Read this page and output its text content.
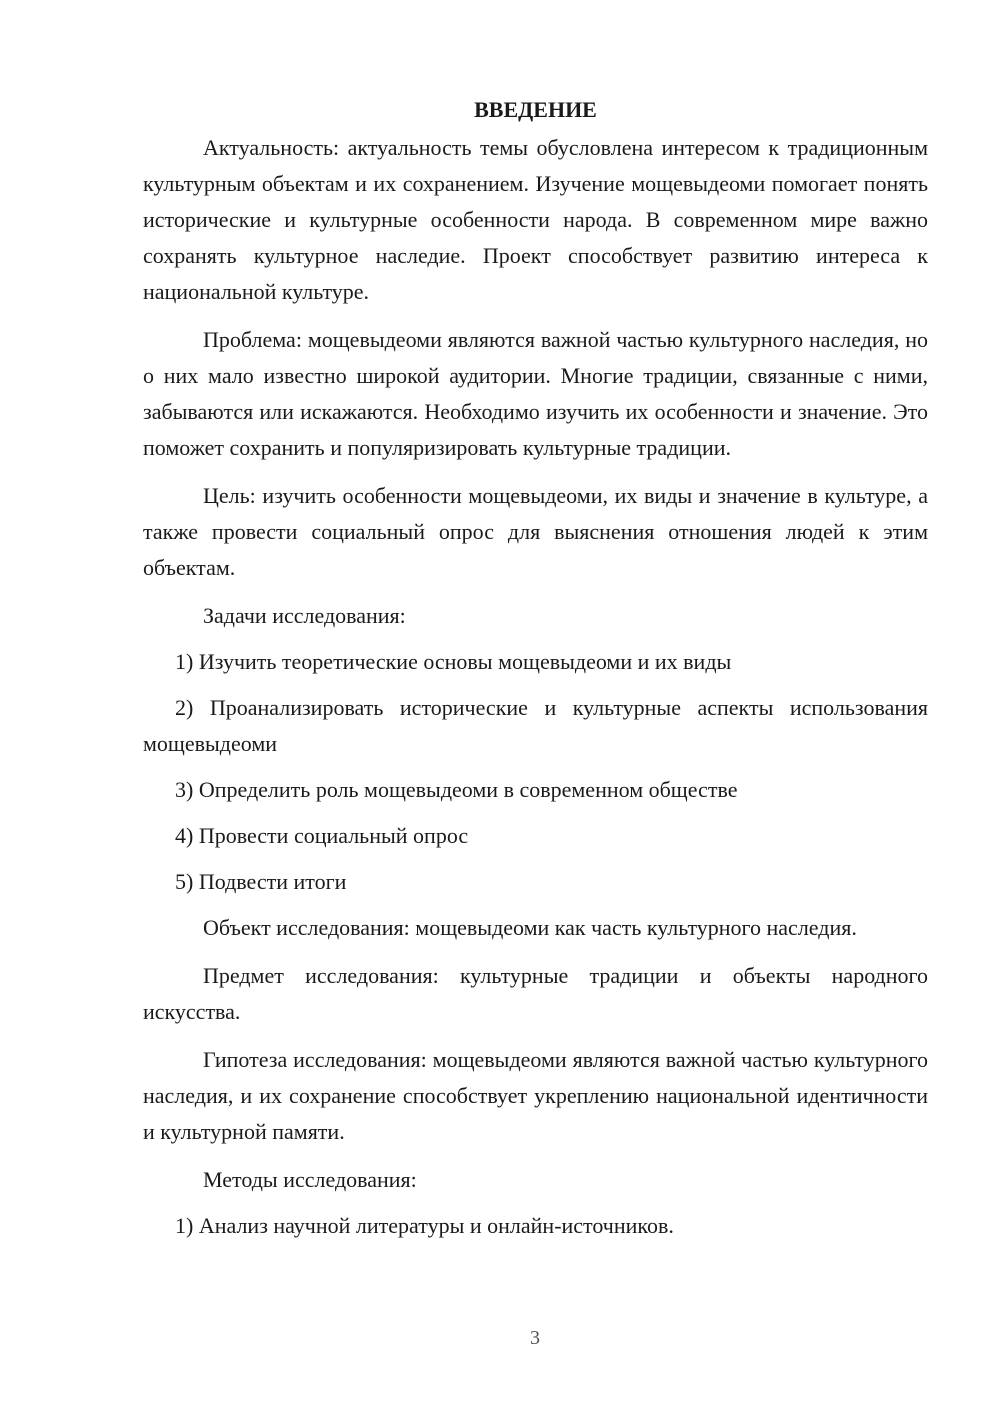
ВВЕДЕНИЕ

Актуальность: актуальность темы обусловлена интересом к традиционным культурным объектам и их сохранением. Изучение мощевыдеоми помогает понять исторические и культурные особенности народа. В современном мире важно сохранять культурное наследие. Проект способствует развитию интереса к национальной культуре.

Проблема: мощевыдеоми являются важной частью культурного наследия, но о них мало известно широкой аудитории. Многие традиции, связанные с ними, забываются или искажаются. Необходимо изучить их особенности и значение. Это поможет сохранить и популяризировать культурные традиции.

Цель: изучить особенности мощевыдеоми, их виды и значение в культуре, а также провести социальный опрос для выяснения отношения людей к этим объектам.

Задачи исследования:

1) Изучить теоретические основы мощевыдеоми и их виды

2) Проанализировать исторические и культурные аспекты использования мощевыдеоми

3) Определить роль мощевыдеоми в современном обществе

4) Провести социальный опрос

5) Подвести итоги

Объект исследования: мощевыдеоми как часть культурного наследия.

Предмет исследования: культурные традиции и объекты народного искусства.

Гипотеза исследования: мощевыдеоми являются важной частью культурного наследия, и их сохранение способствует укреплению национальной идентичности и культурной памяти.

Методы исследования:

1) Анализ научной литературы и онлайн-источников.

3
